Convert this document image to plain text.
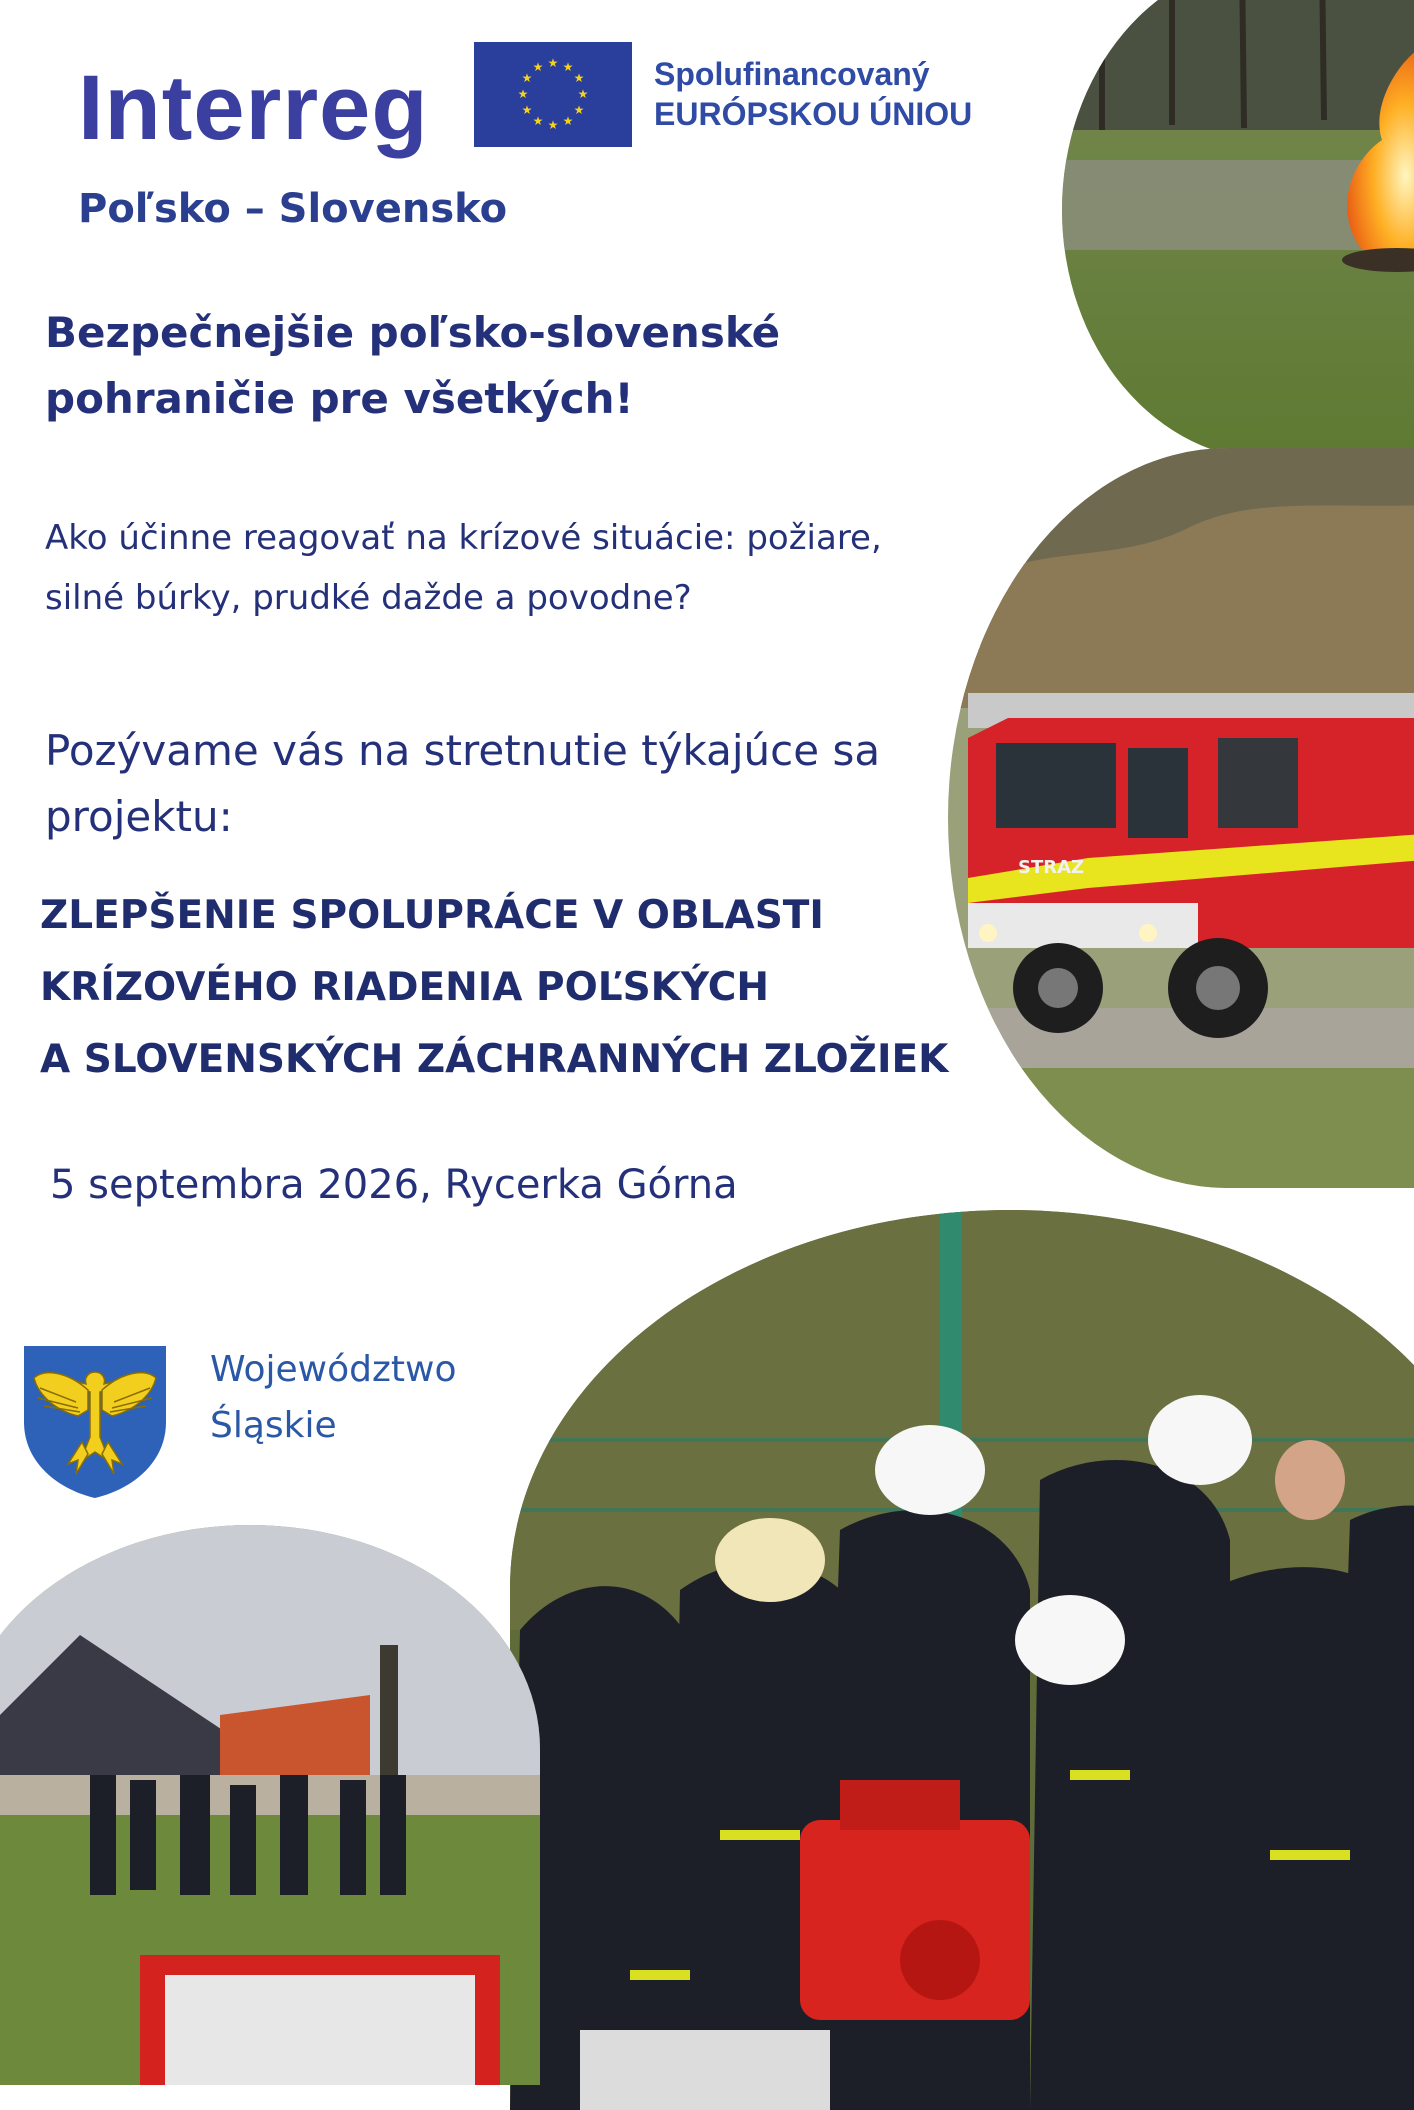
Interreg	★ ★
★
★
★
★
★
★
★
★
★
★	Spolufinancovaný
EURÓPSKOU ÚNIOU
Poľsko – Slovensko
Bezpečnejšie poľsko-slovenské
pohraničie pre všetkých!
Ako účinne reagovať na krízové situácie: požiare,
silné búrky, prudké dažde a povodne?
Pozývame vás na stretnutie týkajúce sa
projektu:
ZLEPŠENIE SPOLUPRÁCE V OBLASTI
KRÍZOVÉHO RIADENIA POĽSKÝCH
A SLOVENSKÝCH ZÁCHRANNÝCH ZLOŽIEK
5 septembra 2026, Rycerka Górna
Województwo
Śląskie
STRAZ
